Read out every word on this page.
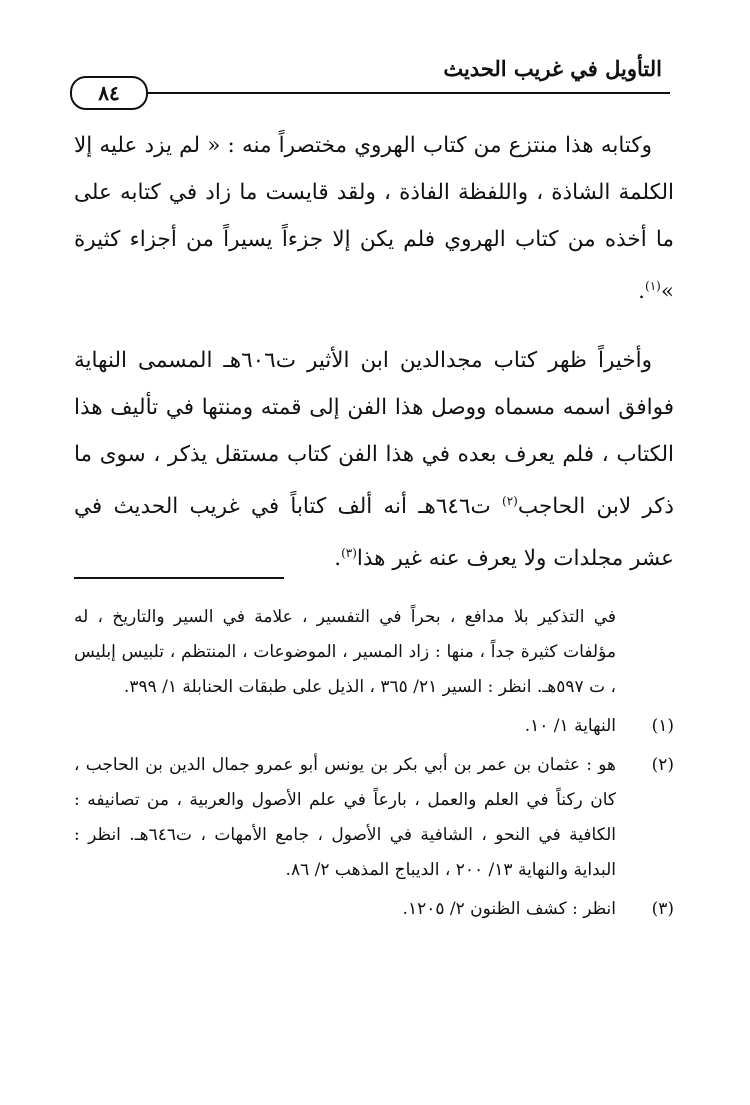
التأويل في غريب الحديث
٨٤

وكتابه هذا منتزع من كتاب الهروي مختصراً منه : « لم يزد عليه إلا الكلمة الشاذة ، واللفظة الفاذة ، ولقد قايست ما زاد في كتابه على ما أخذه من كتاب الهروي فلم يكن إلا جزءاً يسيراً من أجزاء كثيرة »$^{(١)}$.

وأخيراً ظهر كتاب مجدالدين ابن الأثير ت٦٠٦هـ المسمى النهاية فوافق اسمه مسماه ووصل هذا الفن إلى قمته ومنتها في تأليف هذا الكتاب ، فلم يعرف بعده في هذا الفن كتاب مستقل يذكر ، سوى ما ذكر لابن الحاجب$^{(٢)}$ ت٦٤٦هـ أنه ألف كتاباً في غريب الحديث في عشر مجلدات ولا يعرف عنه غير هذا$^{(٣)}$.

في التذكير بلا مدافع ، بحراً في التفسير ، علامة في السير والتاريخ ، له مؤلفات كثيرة جداً ، منها : زاد المسير ، الموضوعات ، المنتظم ، تلبيس إبليس ، ت ٥٩٧هـ. انظر : السير ٢١/ ٣٦٥ ، الذيل على طبقات الحنابلة ١/ ٣٩٩.

(١)
النهاية ١/ ١٠.
(٢)
هو : عثمان بن عمر بن أبي بكر بن يونس أبو عمرو جمال الدين بن الحاجب ، كان ركناً في العلم والعمل ، بارعاً في علم الأصول والعربية ، من تصانيفه : الكافية في النحو ، الشافية في الأصول ، جامع الأمهات ، ت٦٤٦هـ. انظر : البداية والنهاية ١٣/ ٢٠٠ ، الديباج المذهب ٢/ ٨٦.
(٣)
انظر : كشف الظنون ٢/ ١٢٠٥.
